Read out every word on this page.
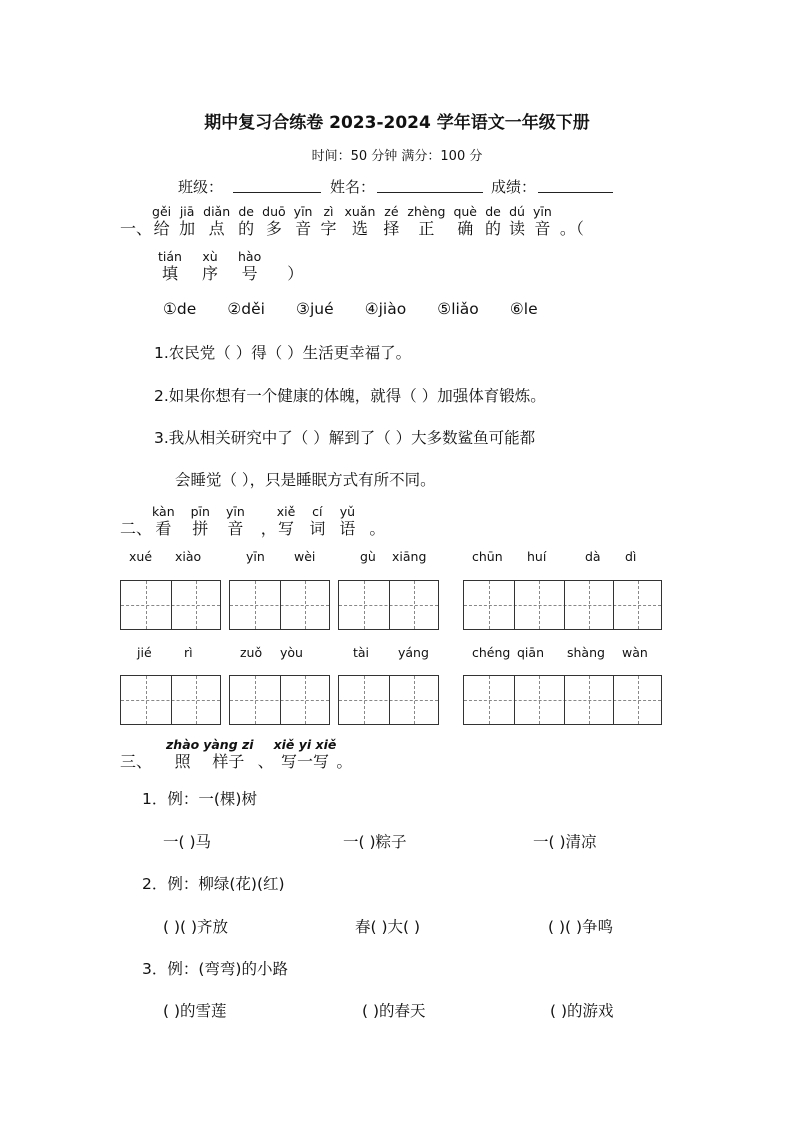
期中复习合练卷 2023-2024 学年语文一年级下册
时间：50 分钟 满分：100 分
班级：	姓名：	成绩：
一、
gěi
给
jiā
加
diǎn
点
de
的
duō
多
yīn
音
zì
字
xuǎn
选
zé
择
zhèng
正
què
确
de
的
dú
读
yīn
音 。（
tián
填
xù
序
hào
号 ）
①de ②děi ③jué ④jiào ⑤liǎo ⑥le
1.农民党（ ）得（ ）生活更幸福了。
2.如果你想有一个健康的体魄，就得（ ）加强体育锻炼。
3.我从相关研究中了（ ）解到了（ ）大多数鲨鱼可能都
会睡觉（ ），只是睡眠方式有所不同。
二、
kàn
看
pīn
拼
yīn
音 ，
xiě
写
cí
词
yǔ
语 。
xué xiào	yīn wèi	gù xiāng	chūn huí	dà dì
jié	rì	zuǒ yòu	tài yáng	chéng qiān shàng wàn
三、
zhào
照
yàng zi
样子 、
xiě yi xiě
写一写 。
1．例：一(棵)树
一( )马	一( )粽子	一( )清凉
2．例：柳绿(花)(红)
( )( )齐放	春( )大( )	( )( )争鸣
3．例：(弯弯)的小路
( )的雪莲	( )的春天	( )的游戏
